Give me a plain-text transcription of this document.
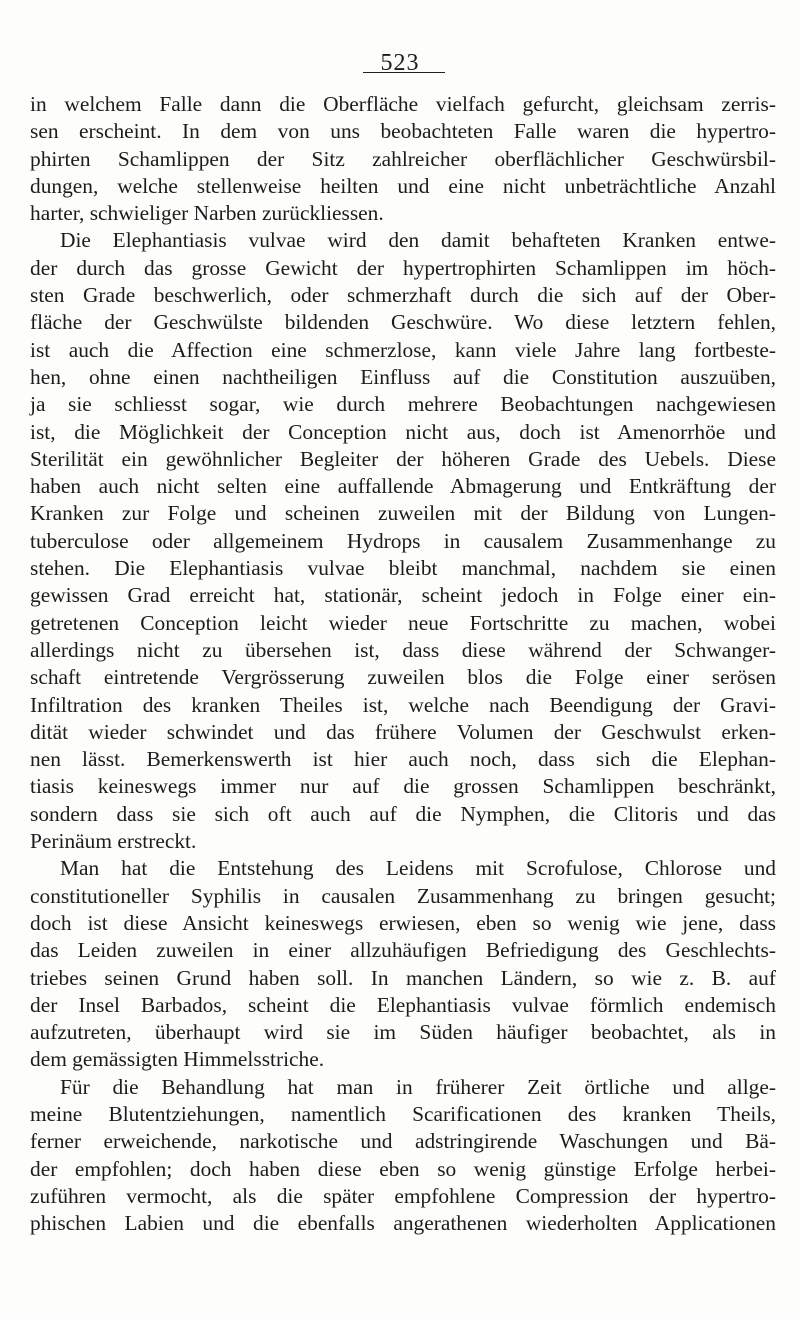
523
in welchem Falle dann die Oberfläche vielfach gefurcht, gleichsam zerris-
sen erscheint. In dem von uns beobachteten Falle waren die hypertro-
phirten Schamlippen der Sitz zahlreicher oberflächlicher Geschwürsbil-
dungen, welche stellenweise heilten und eine nicht unbeträchtliche Anzahl
harter, schwieliger Narben zurückliessen.
Die Elephantiasis vulvae wird den damit behafteten Kranken entwe-
der durch das grosse Gewicht der hypertrophirten Schamlippen im höch-
sten Grade beschwerlich, oder schmerzhaft durch die sich auf der Ober-
fläche der Geschwülste bildenden Geschwüre. Wo diese letztern fehlen,
ist auch die Affection eine schmerzlose, kann viele Jahre lang fortbeste-
hen, ohne einen nachtheiligen Einfluss auf die Constitution auszuüben,
ja sie schliesst sogar, wie durch mehrere Beobachtungen nachgewiesen
ist, die Möglichkeit der Conception nicht aus, doch ist Amenorrhöe und
Sterilität ein gewöhnlicher Begleiter der höheren Grade des Uebels. Diese
haben auch nicht selten eine auffallende Abmagerung und Entkräftung der
Kranken zur Folge und scheinen zuweilen mit der Bildung von Lungen-
tuberculose oder allgemeinem Hydrops in causalem Zusammenhange zu
stehen. Die Elephantiasis vulvae bleibt manchmal, nachdem sie einen
gewissen Grad erreicht hat, stationär, scheint jedoch in Folge einer ein-
getretenen Conception leicht wieder neue Fortschritte zu machen, wobei
allerdings nicht zu übersehen ist, dass diese während der Schwanger-
schaft eintretende Vergrösserung zuweilen blos die Folge einer serösen
Infiltration des kranken Theiles ist, welche nach Beendigung der Gravi-
dität wieder schwindet und das frühere Volumen der Geschwulst erken-
nen lässt. Bemerkenswerth ist hier auch noch, dass sich die Elephan-
tiasis keineswegs immer nur auf die grossen Schamlippen beschränkt,
sondern dass sie sich oft auch auf die Nymphen, die Clitoris und das
Perinäum erstreckt.
Man hat die Entstehung des Leidens mit Scrofulose, Chlorose und
constitutioneller Syphilis in causalen Zusammenhang zu bringen gesucht;
doch ist diese Ansicht keineswegs erwiesen, eben so wenig wie jene, dass
das Leiden zuweilen in einer allzuhäufigen Befriedigung des Geschlechts-
triebes seinen Grund haben soll. In manchen Ländern, so wie z. B. auf
der Insel Barbados, scheint die Elephantiasis vulvae förmlich endemisch
aufzutreten, überhaupt wird sie im Süden häufiger beobachtet, als in
dem gemässigten Himmelsstriche.
Für die Behandlung hat man in früherer Zeit örtliche und allge-
meine Blutentziehungen, namentlich Scarificationen des kranken Theils,
ferner erweichende, narkotische und adstringirende Waschungen und Bä-
der empfohlen; doch haben diese eben so wenig günstige Erfolge herbei-
zuführen vermocht, als die später empfohlene Compression der hypertro-
phischen Labien und die ebenfalls angerathenen wiederholten Applicationen
